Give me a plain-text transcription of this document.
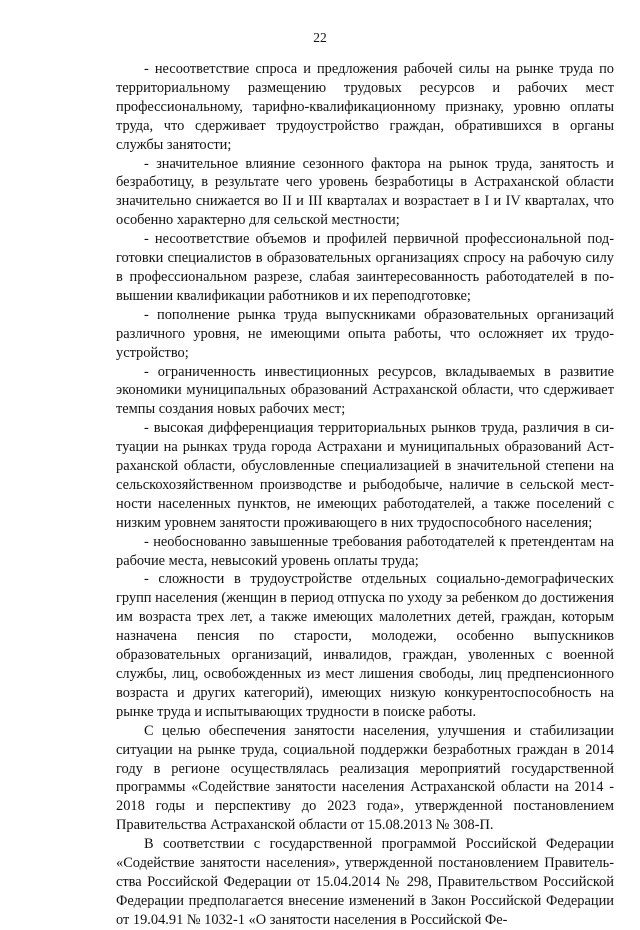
22

- несоответствие спроса и предложения рабочей силы на рынке труда по территориальному размещению трудовых ресурсов и рабочих мест профессиональному, тарифно-квалификационному признаку, уровню оплаты труда, что сдерживает трудоустройство граждан, обратившихся в органы службы занятости;

- значительное влияние сезонного фактора на рынок труда, занятость и безработицу, в результате чего уровень безработицы в Астраханской области значительно снижается во II и III кварталах и возрастает в I и IV кварталах, что особенно характерно для сельской местности;

- несоответствие объемов и профилей первичной профессиональной подготовки специалистов в образовательных организациях спросу на рабочую силу в профессиональном разрезе, слабая заинтересованность работодателей в повышении квалификации работников и их переподготовке;

- пополнение рынка труда выпускниками образовательных организаций различного уровня, не имеющими опыта работы, что осложняет их трудоустройство;

- ограниченность инвестиционных ресурсов, вкладываемых в развитие экономики муниципальных образований Астраханской области, что сдерживает темпы создания новых рабочих мест;

- высокая дифференциация территориальных рынков труда, различия в ситуации на рынках труда города Астрахани и муниципальных образований Астраханской области, обусловленные специализацией в значительной степени на сельскохозяйственном производстве и рыбодобыче, наличие в сельской местности населенных пунктов, не имеющих работодателей, а также поселений с низким уровнем занятости проживающего в них трудоспособного населения;

- необоснованно завышенные требования работодателей к претендентам на рабочие места, невысокий уровень оплаты труда;

- сложности в трудоустройстве отдельных социально-демографических групп населения (женщин в период отпуска по уходу за ребенком до достижения им возраста трех лет, а также имеющих малолетних детей, граждан, которым назначена пенсия по старости, молодежи, особенно выпускников образовательных организаций, инвалидов, граждан, уволенных с военной службы, лиц, освобожденных из мест лишения свободы, лиц предпенсионного возраста и других категорий), имеющих низкую конкурентоспособность на рынке труда и испытывающих трудности в поиске работы.

С целью обеспечения занятости населения, улучшения и стабилизации ситуации на рынке труда, социальной поддержки безработных граждан в 2014 году в регионе осуществлялась реализация мероприятий государственной программы «Содействие занятости населения Астраханской области на 2014 - 2018 годы и перспективу до 2023 года», утвержденной постановлением Правительства Астраханской области от 15.08.2013 № 308-П.

В соответствии с государственной программой Российской Федерации «Содействие занятости населения», утвержденной постановлением Правительства Российской Федерации от 15.04.2014 № 298, Правительством Российской Федерации предполагается внесение изменений в Закон Российской Федерации от 19.04.91 № 1032-1 «О занятости населения в Российской Фе-
